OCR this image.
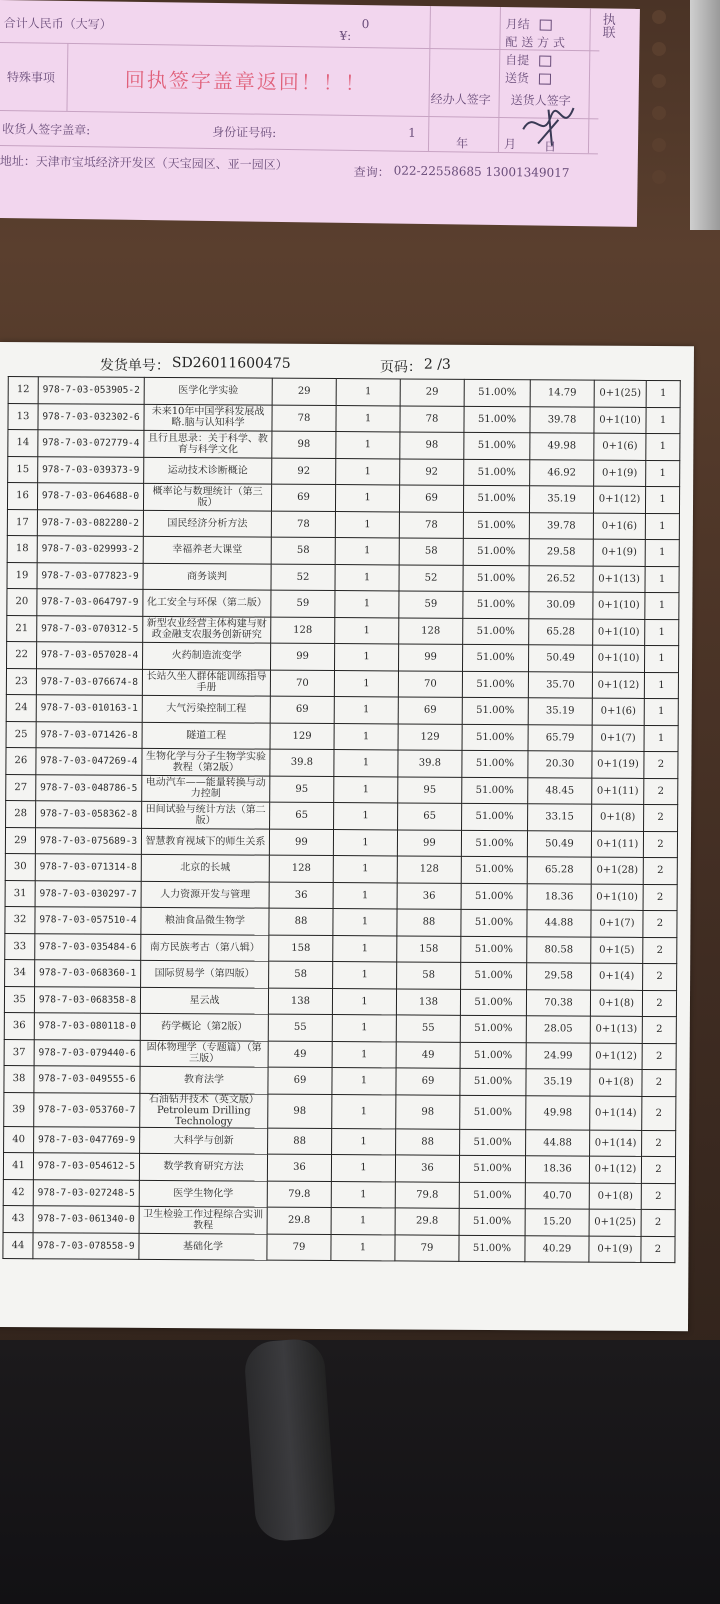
合计人民币（大写）	0
¥:
特殊事项	回执签字盖章返回！！！
经办人签字 送货人签字
月结
配 送 方 式
自提
送货
执联
收货人签字盖章:	身份证号码:	1
年	月 日
地址：天津市宝坻经济开发区（天宝园区、亚一园区）
查询： 022-22558685 13001349017
发货单号： SD26011600475	页码： 2 /3
12	978-7-03-053905-2	医学化学实验	29	1	29	51.00%	14.79	0+1(25)	1
13	978-7-03-032302-6	未来10年中国学科发展战略.脑与认知科学	78	1	78	51.00%	39.78	0+1(10)	1
14	978-7-03-072779-4	且行且思录：关于科学、教育与科学文化	98	1	98	51.00%	49.98	0+1(6)	1
15	978-7-03-039373-9	运动技术诊断概论	92	1	92	51.00%	46.92	0+1(9)	1
16	978-7-03-064688-0	概率论与数理统计（第三版）	69	1	69	51.00%	35.19	0+1(12)	1
17	978-7-03-082280-2	国民经济分析方法	78	1	78	51.00%	39.78	0+1(6)	1
18	978-7-03-029993-2	幸福养老大课堂	58	1	58	51.00%	29.58	0+1(9)	1
19	978-7-03-077823-9	商务谈判	52	1	52	51.00%	26.52	0+1(13)	1
20	978-7-03-064797-9	化工安全与环保（第二版）	59	1	59	51.00%	30.09	0+1(10)	1
21	978-7-03-070312-5	新型农业经营主体构建与财政金融支农服务创新研究	128	1	128	51.00%	65.28	0+1(10)	1
22	978-7-03-057028-4	火药制造流变学	99	1	99	51.00%	50.49	0+1(10)	1
23	978-7-03-076674-8	长站久坐人群体能训练指导手册	70	1	70	51.00%	35.70	0+1(12)	1
24	978-7-03-010163-1	大气污染控制工程	69	1	69	51.00%	35.19	0+1(6)	1
25	978-7-03-071426-8	隧道工程	129	1	129	51.00%	65.79	0+1(7)	1
26	978-7-03-047269-4	生物化学与分子生物学实验教程（第2版）	39.8	1	39.8	51.00%	20.30	0+1(19)	2
27	978-7-03-048786-5	电动汽车——能量转换与动力控制	95	1	95	51.00%	48.45	0+1(11)	2
28	978-7-03-058362-8	田间试验与统计方法（第二版）	65	1	65	51.00%	33.15	0+1(8)	2
29	978-7-03-075689-3	智慧教育视域下的师生关系	99	1	99	51.00%	50.49	0+1(11)	2
30	978-7-03-071314-8	北京的长城	128	1	128	51.00%	65.28	0+1(28)	2
31	978-7-03-030297-7	人力资源开发与管理	36	1	36	51.00%	18.36	0+1(10)	2
32	978-7-03-057510-4	粮油食品微生物学	88	1	88	51.00%	44.88	0+1(7)	2
33	978-7-03-035484-6	南方民族考古（第八辑）	158	1	158	51.00%	80.58	0+1(5)	2
34	978-7-03-068360-1	国际贸易学（第四版）	58	1	58	51.00%	29.58	0+1(4)	2
35	978-7-03-068358-8	星云战	138	1	138	51.00%	70.38	0+1(8)	2
36	978-7-03-080118-0	药学概论（第2版）	55	1	55	51.00%	28.05	0+1(13)	2
37	978-7-03-079440-6	固体物理学（专题篇）（第三版）	49	1	49	51.00%	24.99	0+1(12)	2
38	978-7-03-049555-6	教育法学	69	1	69	51.00%	35.19	0+1(8)	2
39	978-7-03-053760-7	石油钻井技术（英文版） Petroleum Drilling Technology	98	1	98	51.00%	49.98	0+1(14)	2
40	978-7-03-047769-9	大科学与创新	88	1	88	51.00%	44.88	0+1(14)	2
41	978-7-03-054612-5	数学教育研究方法	36	1	36	51.00%	18.36	0+1(12)	2
42	978-7-03-027248-5	医学生物化学	79.8	1	79.8	51.00%	40.70	0+1(8)	2
43	978-7-03-061340-0	卫生检验工作过程综合实训教程	29.8	1	29.8	51.00%	15.20	0+1(25)	2
44	978-7-03-078558-9	基础化学	79	1	79	51.00%	40.29	0+1(9)	2
